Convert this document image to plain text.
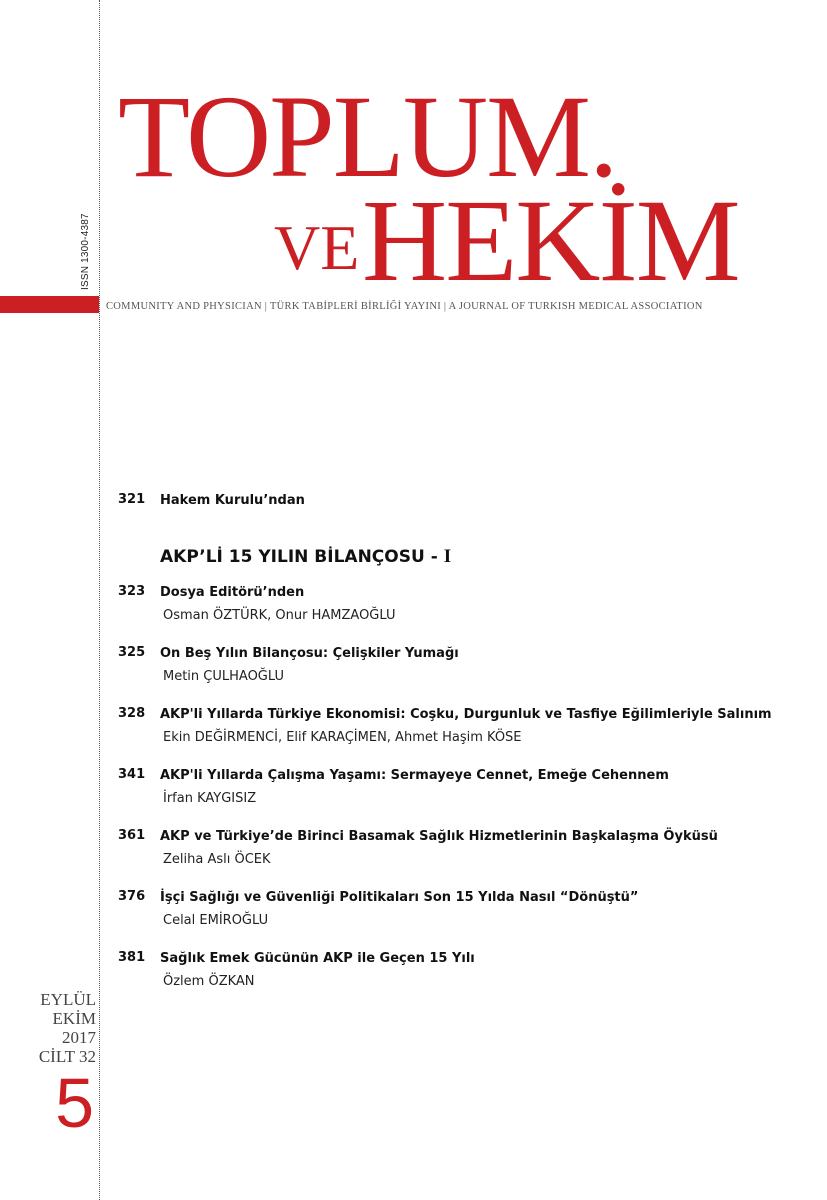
ISSN 1300-4387
TOPLUM.
VE HEKİM
COMMUNITY AND PHYSICIAN | TÜRK TABİPLERİ BİRLİĞİ YAYINI | A JOURNAL OF TURKISH MEDICAL ASSOCIATION
EYLÜL
EKİM
2017
CİLT 32
5
321 Hakem Kurulu’ndan
AKP’Lİ 15 YILIN BİLANÇOSU - I
323 Dosya Editörü’nden
Osman ÖZTÜRK, Onur HAMZAOĞLU
325 On Beş Yılın Bilançosu: Çelişkiler Yumağı
Metin ÇULHAOĞLU
328 AKP'li Yıllarda Türkiye Ekonomisi: Coşku, Durgunluk ve Tasfiye Eğilimleriyle Salınım
Ekin DEĞİRMENCİ, Elif KARAÇİMEN, Ahmet Haşim KÖSE
341 AKP'li Yıllarda Çalışma Yaşamı: Sermayeye Cennet, Emeğe Cehennem
İrfan KAYGISIZ
361 AKP ve Türkiye’de Birinci Basamak Sağlık Hizmetlerinin Başkalaşma Öyküsü
Zeliha Aslı ÖCEK
376 İşçi Sağlığı ve Güvenliği Politikaları Son 15 Yılda Nasıl “Dönüştü”
Celal EMİROĞLU
381 Sağlık Emek Gücünün AKP ile Geçen 15 Yılı
Özlem ÖZKAN
